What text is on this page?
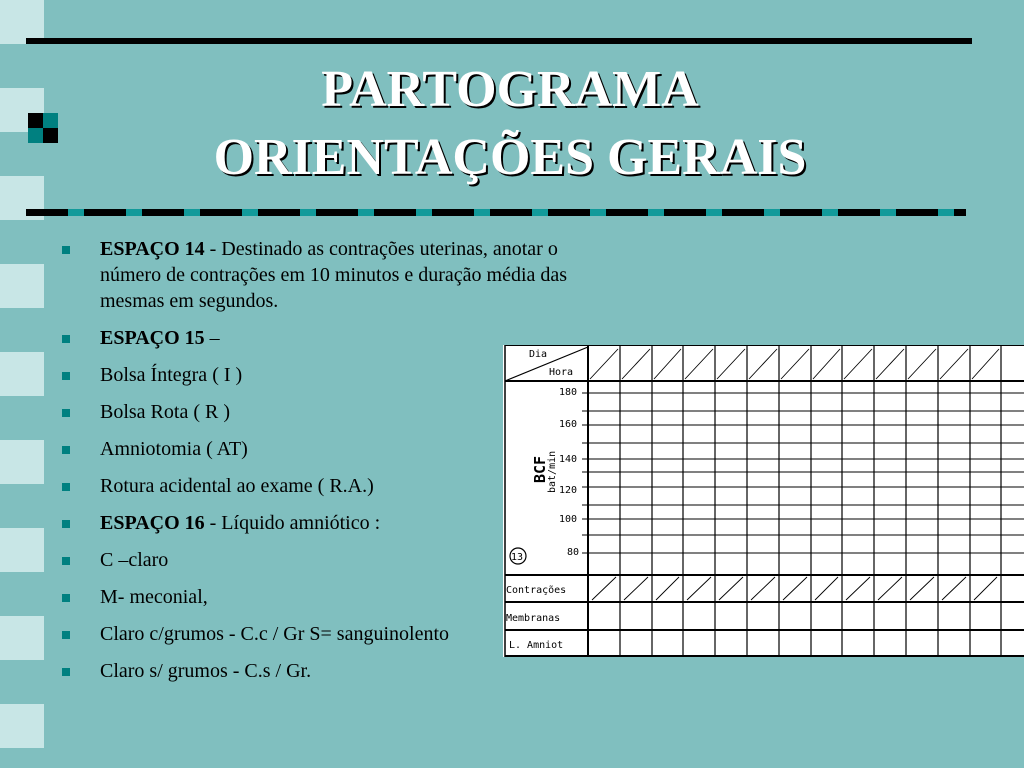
PARTOGRAMA
ORIENTAÇÕES GERAIS
ESPAÇO 14 - Destinado as contrações uterinas, anotar o número de contrações em 10 minutos e duração média das mesmas em segundos.
ESPAÇO 15 –
Bolsa Íntegra ( I )
Bolsa Rota ( R )
Amniotomia ( AT)
Rotura acidental ao exame ( R.A.)
ESPAÇO 16 - Líquido amniótico :
C –claro
M- meconial,
Claro c/grumos - C.c / Gr S= sanguinolento
Claro s/ grumos - C.s / Gr.
Dia
Hora
180
160
140
120
100
80
BCF
bat/min
13
Contrações
Membranas
L. Amniot
